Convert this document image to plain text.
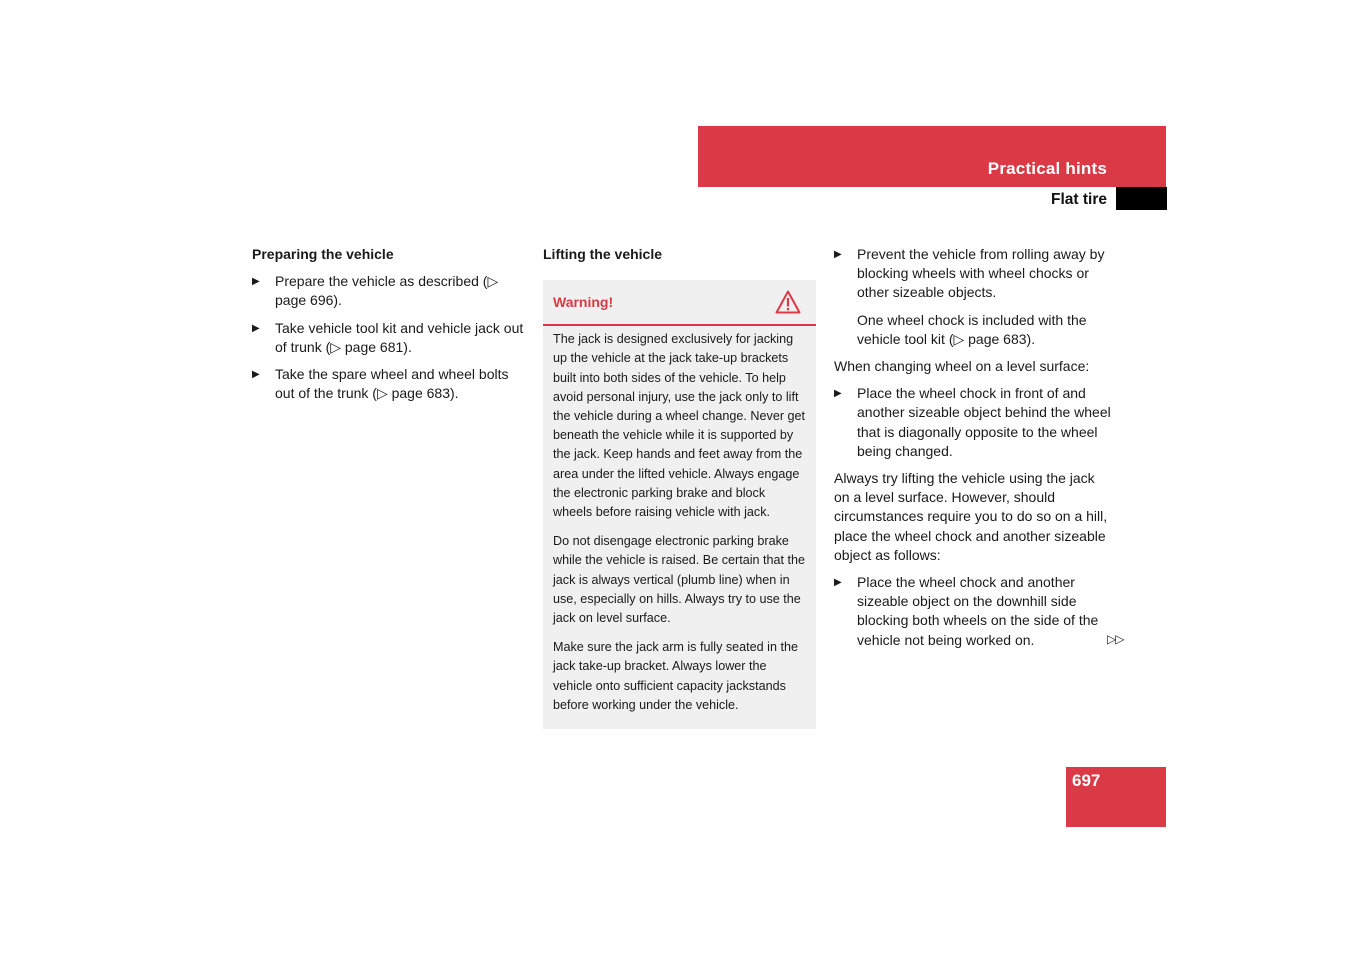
Practical hints
Flat tire

Preparing the vehicle

▶ Prepare the vehicle as described (▷ page 696).
▶ Take vehicle tool kit and vehicle jack out of trunk (▷ page 681).
▶ Take the spare wheel and wheel bolts out of the trunk (▷ page 683).

Lifting the vehicle

Warning!

The jack is designed exclusively for jacking up the vehicle at the jack take-up brackets built into both sides of the vehicle. To help avoid personal injury, use the jack only to lift the vehicle during a wheel change. Never get beneath the vehicle while it is supported by the jack. Keep hands and feet away from the area under the lifted vehicle. Always engage the electronic parking brake and block wheels before raising vehicle with jack.

Do not disengage electronic parking brake while the vehicle is raised. Be certain that the jack is always vertical (plumb line) when in use, especially on hills. Always try to use the jack on level surface.

Make sure the jack arm is fully seated in the jack take-up bracket. Always lower the vehicle onto sufficient capacity jackstands before working under the vehicle.

▶ Prevent the vehicle from rolling away by blocking wheels with wheel chocks or other sizeable objects.

One wheel chock is included with the vehicle tool kit (▷ page 683).

When changing wheel on a level surface:

▶ Place the wheel chock in front of and another sizeable object behind the wheel that is diagonally opposite to the wheel being changed.

Always try lifting the vehicle using the jack on a level surface. However, should circumstances require you to do so on a hill, place the wheel chock and another sizeable object as follows:

▶ Place the wheel chock and another sizeable object on the downhill side blocking both wheels on the side of the vehicle not being worked on.	▷▷
697
